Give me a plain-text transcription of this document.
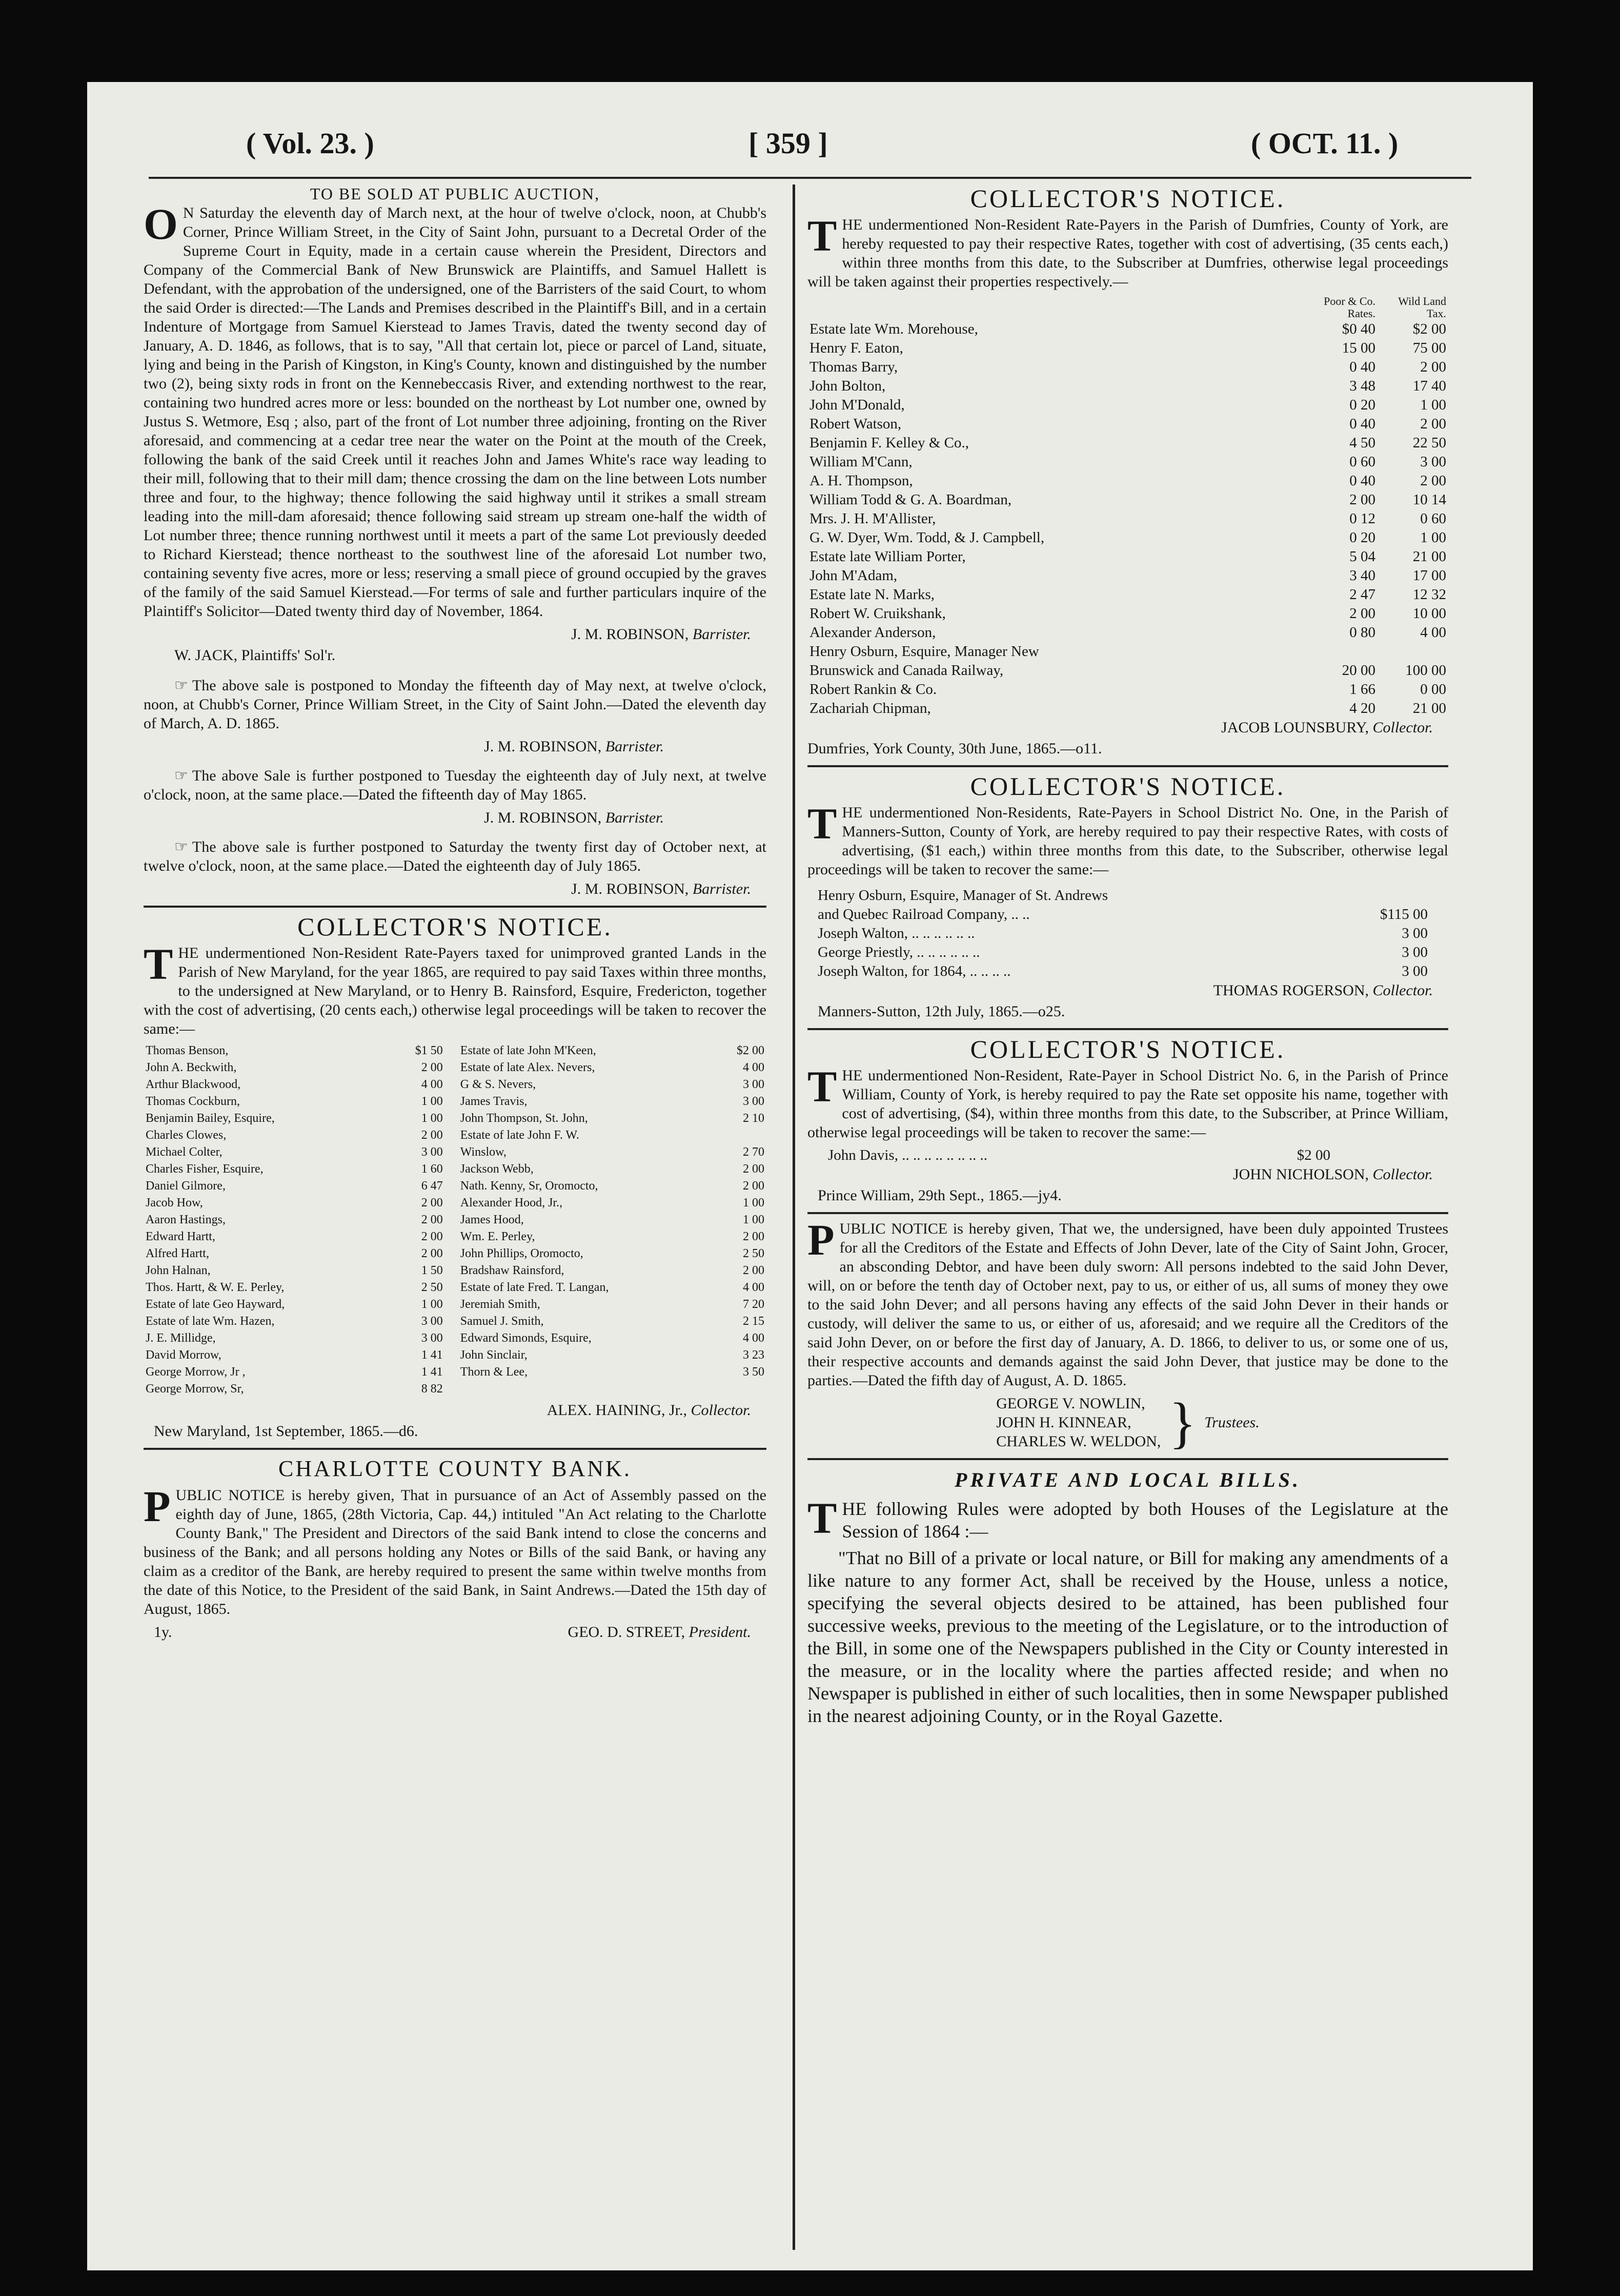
( Vol. 23. )	[ 359 ]	( OCT. 11. )
TO BE SOLD AT PUBLIC AUCTION,

ON Saturday the eleventh day of March next, at the hour of twelve o'clock, noon, at Chubb's Corner, Prince William Street, in the City of Saint John, pursuant to a Decretal Order of the Supreme Court in Equity, made in a certain cause wherein the President, Directors and Company of the Commercial Bank of New Brunswick are Plaintiffs, and Samuel Hallett is Defendant, with the approbation of the undersigned, one of the Barristers of the said Court, to whom the said Order is directed:—The Lands and Premises described in the Plaintiff's Bill, and in a certain Indenture of Mortgage from Samuel Kierstead to James Travis, dated the twenty second day of January, A. D. 1846, as follows, that is to say, "All that certain lot, piece or parcel of Land, situate, lying and being in the Parish of Kingston, in King's County, known and distinguished by the number two (2), being sixty rods in front on the Kennebeccasis River, and extending northwest to the rear, containing two hundred acres more or less: bounded on the northeast by Lot number one, owned by Justus S. Wetmore, Esq ; also, part of the front of Lot number three adjoining, fronting on the River aforesaid, and commencing at a cedar tree near the water on the Point at the mouth of the Creek, following the bank of the said Creek until it reaches John and James White's race way leading to their mill, following that to their mill dam; thence crossing the dam on the line between Lots number three and four, to the highway; thence following the said highway until it strikes a small stream leading into the mill-dam aforesaid; thence following said stream up stream one-half the width of Lot number three; thence running northwest until it meets a part of the same Lot previously deeded to Richard Kierstead; thence northeast to the southwest line of the aforesaid Lot number two, containing seventy five acres, more or less; reserving a small piece of ground occupied by the graves of the family of the said Samuel Kierstead.—For terms of sale and further particulars inquire of the Plaintiff's Solicitor—Dated twenty third day of November, 1864.

J. M. ROBINSON, Barrister.
W. JACK, Plaintiffs' Sol'r.

☞ The above sale is postponed to Monday the fifteenth day of May next, at twelve o'clock, noon, at Chubb's Corner, Prince William Street, in the City of Saint John.—Dated the eleventh day of March, A. D. 1865.

J. M. ROBINSON, Barrister.

☞ The above Sale is further postponed to Tuesday the eighteenth day of July next, at twelve o'clock, noon, at the same place.—Dated the fifteenth day of May 1865.

J. M. ROBINSON, Barrister.

☞ The above sale is further postponed to Saturday the twenty first day of October next, at twelve o'clock, noon, at the same place.—Dated the eighteenth day of July 1865.

J. M. ROBINSON, Barrister.
COLLECTOR'S NOTICE.

THE undermentioned Non-Resident Rate-Payers taxed for unimproved granted Lands in the Parish of New Maryland, for the year 1865, are required to pay said Taxes within three months, to the undersigned at New Maryland, or to Henry B. Rainsford, Esquire, Fredericton, together with the cost of advertising, (20 cents each,) otherwise legal proceedings will be taken to recover the same:—

Thomas Benson,	$1 50	Estate of late John M'Keen,	$2 00
John A. Beckwith,	2 00	Estate of late Alex. Nevers,	4 00
Arthur Blackwood,	4 00	G & S. Nevers,	3 00
Thomas Cockburn,	1 00	James Travis,	3 00
Benjamin Bailey, Esquire,	1 00	John Thompson, St. John,	2 10
Charles Clowes,	2 00	Estate of late John F. W.	
Michael Colter,	3 00	Winslow,	2 70
Charles Fisher, Esquire,	1 60	Jackson Webb,	2 00
Daniel Gilmore,	6 47	Nath. Kenny, Sr, Oromocto,	2 00
Jacob How,	2 00	Alexander Hood, Jr.,	1 00
Aaron Hastings,	2 00	James Hood,	1 00
Edward Hartt,	2 00	Wm. E. Perley,	2 00
Alfred Hartt,	2 00	John Phillips, Oromocto,	2 50
John Halnan,	1 50	Bradshaw Rainsford,	2 00
Thos. Hartt, & W. E. Perley,	2 50	Estate of late Fred. T. Langan,	4 00
Estate of late Geo Hayward,	1 00	Jeremiah Smith,	7 20
Estate of late Wm. Hazen,	3 00	Samuel J. Smith,	2 15
J. E. Millidge,	3 00	Edward Simonds, Esquire,	4 00
David Morrow,	1 41	John Sinclair,	3 23
George Morrow, Jr ,	1 41	Thorn & Lee,	3 50
George Morrow, Sr,	8 82		
ALEX. HAINING, Jr., Collector.
New Maryland, 1st September, 1865.—d6.
CHARLOTTE COUNTY BANK.

PUBLIC NOTICE is hereby given, That in pursuance of an Act of Assembly passed on the eighth day of June, 1865, (28th Victoria, Cap. 44,) intituled "An Act relating to the Charlotte County Bank," The President and Directors of the said Bank intend to close the concerns and business of the Bank; and all persons holding any Notes or Bills of the said Bank, or having any claim as a creditor of the Bank, are hereby required to present the same within twelve months from the date of this Notice, to the President of the said Bank, in Saint Andrews.—Dated the 15th day of August, 1865.

1y.	GEO. D. STREET, President.
COLLECTOR'S NOTICE.

THE undermentioned Non-Resident Rate-Payers in the Parish of Dumfries, County of York, are hereby requested to pay their respective Rates, together with cost of advertising, (35 cents each,) within three months from this date, to the Subscriber at Dumfries, otherwise legal proceedings will be taken against their properties respectively.—

	Poor & Co. Rates.	Wild Land Tax.
Estate late Wm. Morehouse,	$0 40	$2 00
Henry F. Eaton,	15 00	75 00
Thomas Barry,	0 40	2 00
John Bolton,	3 48	17 40
John M'Donald,	0 20	1 00
Robert Watson,	0 40	2 00
Benjamin F. Kelley & Co.,	4 50	22 50
William M'Cann,	0 60	3 00
A. H. Thompson,	0 40	2 00
William Todd & G. A. Boardman,	2 00	10 14
Mrs. J. H. M'Allister,	0 12	0 60
G. W. Dyer, Wm. Todd, & J. Campbell,	0 20	1 00
Estate late William Porter,	5 04	21 00
John M'Adam,	3 40	17 00
Estate late N. Marks,	2 47	12 32
Robert W. Cruikshank,	2 00	10 00
Alexander Anderson,	0 80	4 00
Henry Osburn, Esquire, Manager New		
Brunswick and Canada Railway,	20 00	100 00
Robert Rankin & Co.	1 66	0 00
Zachariah Chipman,	4 20	21 00
JACOB LOUNSBURY, Collector.
Dumfries, York County, 30th June, 1865.—o11.
COLLECTOR'S NOTICE.

THE undermentioned Non-Residents, Rate-Payers in School District No. One, in the Parish of Manners-Sutton, County of York, are hereby required to pay their respective Rates, with costs of advertising, ($1 each,) within three months from this date, to the Subscriber, otherwise legal proceedings will be taken to recover the same:—

Henry Osburn, Esquire, Manager of St. Andrews	
and Quebec Railroad Company, .. ..	$115 00
Joseph Walton, .. .. .. .. .. ..	3 00
George Priestly, .. .. .. .. .. ..	3 00
Joseph Walton, for 1864, .. .. .. ..	3 00
THOMAS ROGERSON, Collector.
Manners-Sutton, 12th July, 1865.—o25.
COLLECTOR'S NOTICE.

THE undermentioned Non-Resident, Rate-Payer in School District No. 6, in the Parish of Prince William, County of York, is hereby required to pay the Rate set opposite his name, together with cost of advertising, ($4), within three months from this date, to the Subscriber, at Prince William, otherwise legal proceedings will be taken to recover the same:—

John Davis, .. .. .. .. .. .. .. ..	$2 00
JOHN NICHOLSON, Collector.
Prince William, 29th Sept., 1865.—jy4.

PUBLIC NOTICE is hereby given, That we, the undersigned, have been duly appointed Trustees for all the Creditors of the Estate and Effects of John Dever, late of the City of Saint John, Grocer, an absconding Debtor, and have been duly sworn: All persons indebted to the said John Dever, will, on or before the tenth day of October next, pay to us, or either of us, all sums of money they owe to the said John Dever; and all persons having any effects of the said John Dever in their hands or custody, will deliver the same to us, or either of us, aforesaid; and we require all the Creditors of the said John Dever, on or before the first day of January, A. D. 1866, to deliver to us, or some one of us, their respective accounts and demands against the said John Dever, that justice may be done to the parties.—Dated the fifth day of August, A. D. 1865.

GEORGE V. NOWLIN,
JOHN H. KINNEAR,
CHARLES W. WELDON, } Trustees.
PRIVATE AND LOCAL BILLS.

THE following Rules were adopted by both Houses of the Legislature at the Session of 1864 :—

"That no Bill of a private or local nature, or Bill for making any amendments of a like nature to any former Act, shall be received by the House, unless a notice, specifying the several objects desired to be attained, has been published four successive weeks, previous to the meeting of the Legislature, or to the introduction of the Bill, in some one of the Newspapers published in the City or County interested in the measure, or in the locality where the parties affected reside; and when no Newspaper is published in either of such localities, then in some Newspaper published in the nearest adjoining County, or in the Royal Gazette.
